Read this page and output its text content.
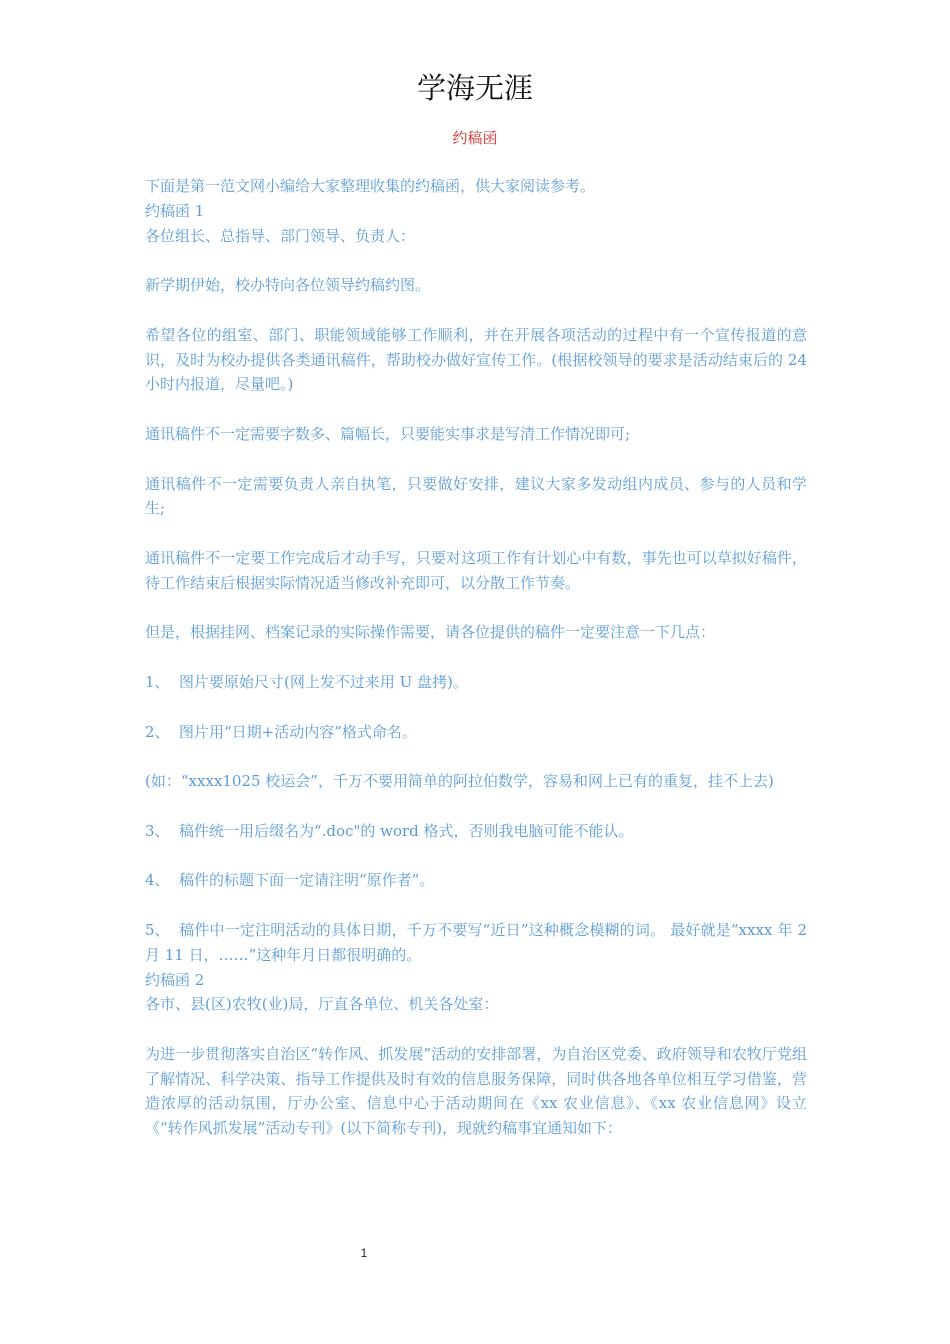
学海无涯
约稿函

下面是第一范文网小编给大家整理收集的约稿函，供大家阅读参考。

约稿函 1

各位组长、总指导、部门领导、负责人：

新学期伊始，校办特向各位领导约稿约图。

希望各位的组室、部门、职能领域能够工作顺利，并在开展各项活动的过程中有一个宣传报道的意识，及时为校办提供各类通讯稿件，帮助校办做好宣传工作。(根据校领导的要求是活动结束后的 24 小时内报道，尽量吧。)

通讯稿件不一定需要字数多、篇幅长，只要能实事求是写清工作情况即可;

通讯稿件不一定需要负责人亲自执笔，只要做好安排，建议大家多发动组内成员、参与的人员和学生;

通讯稿件不一定要工作完成后才动手写，只要对这项工作有计划心中有数，事先也可以草拟好稿件，待工作结束后根据实际情况适当修改补充即可，以分散工作节奏。

但是，根据挂网、档案记录的实际操作需要，请各位提供的稿件一定要注意一下几点：

1、 图片要原始尺寸(网上发不过来用 U 盘拷)。

2、 图片用“日期+活动内容”格式命名。

(如：“xxxx1025 校运会”，千万不要用简单的阿拉伯数学，容易和网上已有的重复，挂不上去)

3、 稿件统一用后缀名为“.doc"的 word 格式，否则我电脑可能不能认。

4、 稿件的标题下面一定请注明“原作者”。

5、 稿件中一定注明活动的具体日期，千万不要写“近日”这种概念模糊的词。 最好就是“xxxx 年 2 月 11 日，……”这种年月日都很明确的。

约稿函 2

各市、县(区)农牧(业)局，厅直各单位、机关各处室：

为进一步贯彻落实自治区“转作风、抓发展”活动的安排部署，为自治区党委、政府领导和农牧厅党组了解情况、科学决策、指导工作提供及时有效的信息服务保障，同时供各地各单位相互学习借鉴，营造浓厚的活动氛围，厅办公室、信息中心于活动期间在《xx 农业信息》、《xx 农业信息网》设立《“转作风抓发展”活动专刊》(以下简称专刊)，现就约稿事宜通知如下：

1
